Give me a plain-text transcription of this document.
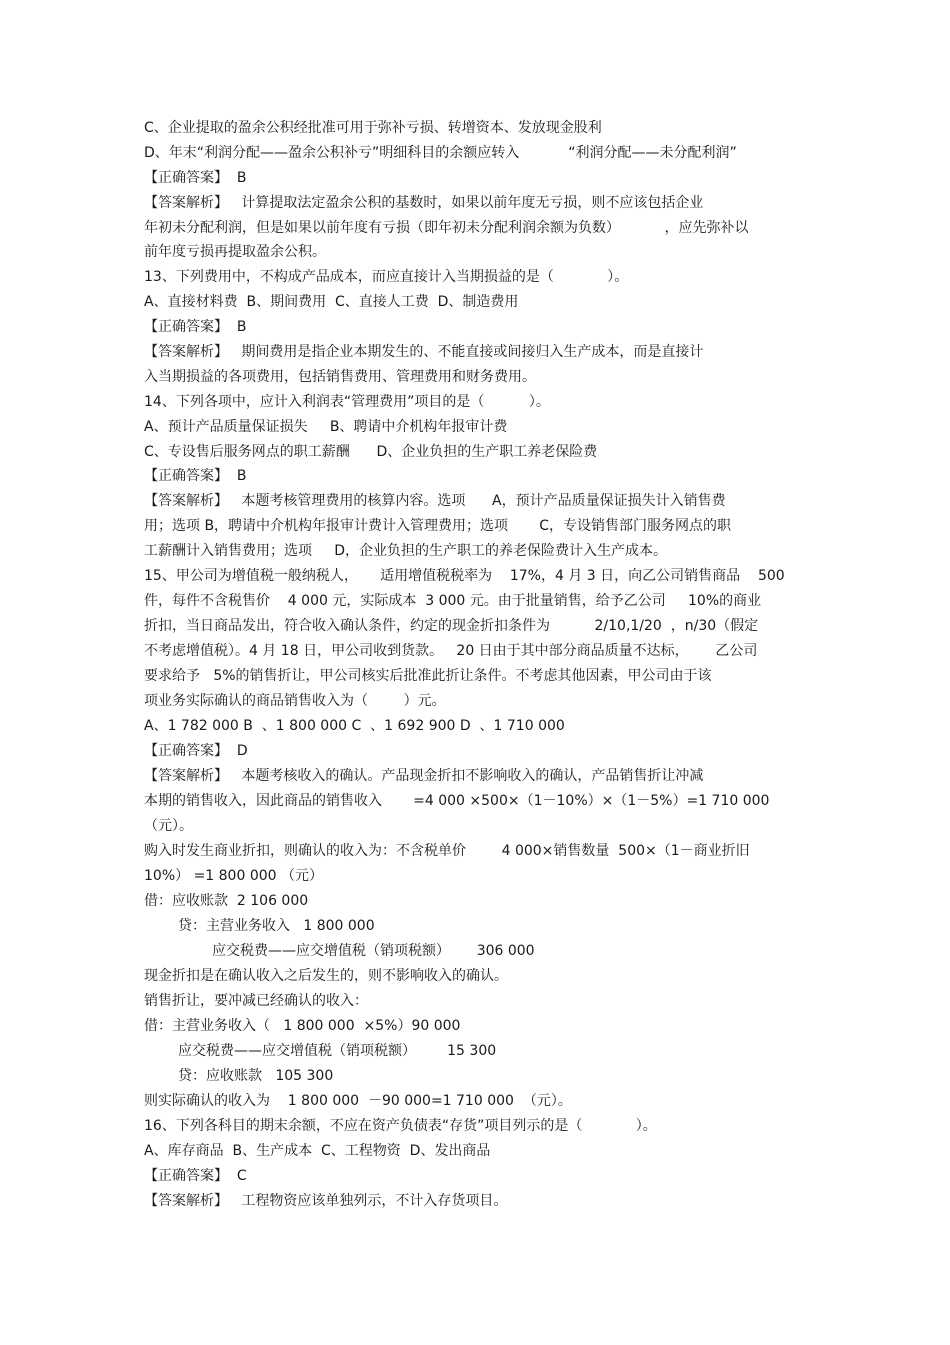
C、企业提取的盈余公积经批准可用于弥补亏损、转增资本、发放现金股利
D、年末“利润分配——盈余公积补亏”明细科目的余额应转入           “利润分配——未分配利润”
【正确答案】  B
【答案解析】   计算提取法定盈余公积的基数时，如果以前年度无亏损，则不应该包括企业
年初未分配利润，但是如果以前年度有亏损（即年初未分配利润余额为负数）          ，应先弥补以
前年度亏损再提取盈余公积。
13、下列费用中，不构成产品成本，而应直接计入当期损益的是（            ）。
A、直接材料费  B、期间费用  C、直接人工费  D、制造费用
【正确答案】  B
【答案解析】   期间费用是指企业本期发生的、不能直接或间接归入生产成本，而是直接计
入当期损益的各项费用，包括销售费用、管理费用和财务费用。
14、下列各项中，应计入利润表“管理费用”项目的是（          ）。
A、预计产品质量保证损失     B、聘请中介机构年报审计费
C、专设售后服务网点的职工薪酬      D、企业负担的生产职工养老保险费
【正确答案】  B
【答案解析】   本题考核管理费用的核算内容。选项      A，预计产品质量保证损失计入销售费
用；选项 B，聘请中介机构年报审计费计入管理费用；选项       C，专设销售部门服务网点的职
工薪酬计入销售费用；选项     D，企业负担的生产职工的养老保险费计入生产成本。
15、甲公司为增值税一般纳税人，     适用增值税税率为    17%，4 月 3 日，向乙公司销售商品    500
件，每件不含税售价    4 000 元，实际成本  3 000 元。由于批量销售，给予乙公司     10%的商业
折扣，当日商品发出，符合收入确认条件，约定的现金折扣条件为          2/10,1/20  ，n/30（假定
不考虑增值税）。4 月 18 日，甲公司收到货款。   20 日由于其中部分商品质量不达标，      乙公司
要求给予   5%的销售折让，甲公司核实后批准此折让条件。不考虑其他因素，甲公司由于该
项业务实际确认的商品销售收入为（        ）元。
A、1 782 000 B  、1 800 000 C  、1 692 900 D  、1 710 000
【正确答案】  D
【答案解析】   本题考核收入的确认。产品现金折扣不影响收入的确认，产品销售折让冲减
本期的销售收入，因此商品的销售收入       =4 000 ×500×（1－10%）×（1－5%）=1 710 000
（元）。
购入时发生商业折扣，则确认的收入为：不含税单价        4 000×销售数量  500×（1－商业折旧
10%） =1 800 000 （元）
借：应收账款  2 106 000
贷：主营业务收入   1 800 000
应交税费——应交增值税（销项税额）      306 000
现金折扣是在确认收入之后发生的，则不影响收入的确认。
销售折让，要冲减已经确认的收入：
借：主营业务收入（   1 800 000  ×5%）90 000
应交税费——应交增值税（销项税额）       15 300
贷：应收账款   105 300
则实际确认的收入为    1 800 000  －90 000=1 710 000  （元）。
16、下列各科目的期末余额，不应在资产负债表“存货”项目列示的是（            ）。
A、库存商品  B、生产成本  C、工程物资  D、发出商品
【正确答案】  C
【答案解析】   工程物资应该单独列示，不计入存货项目。
